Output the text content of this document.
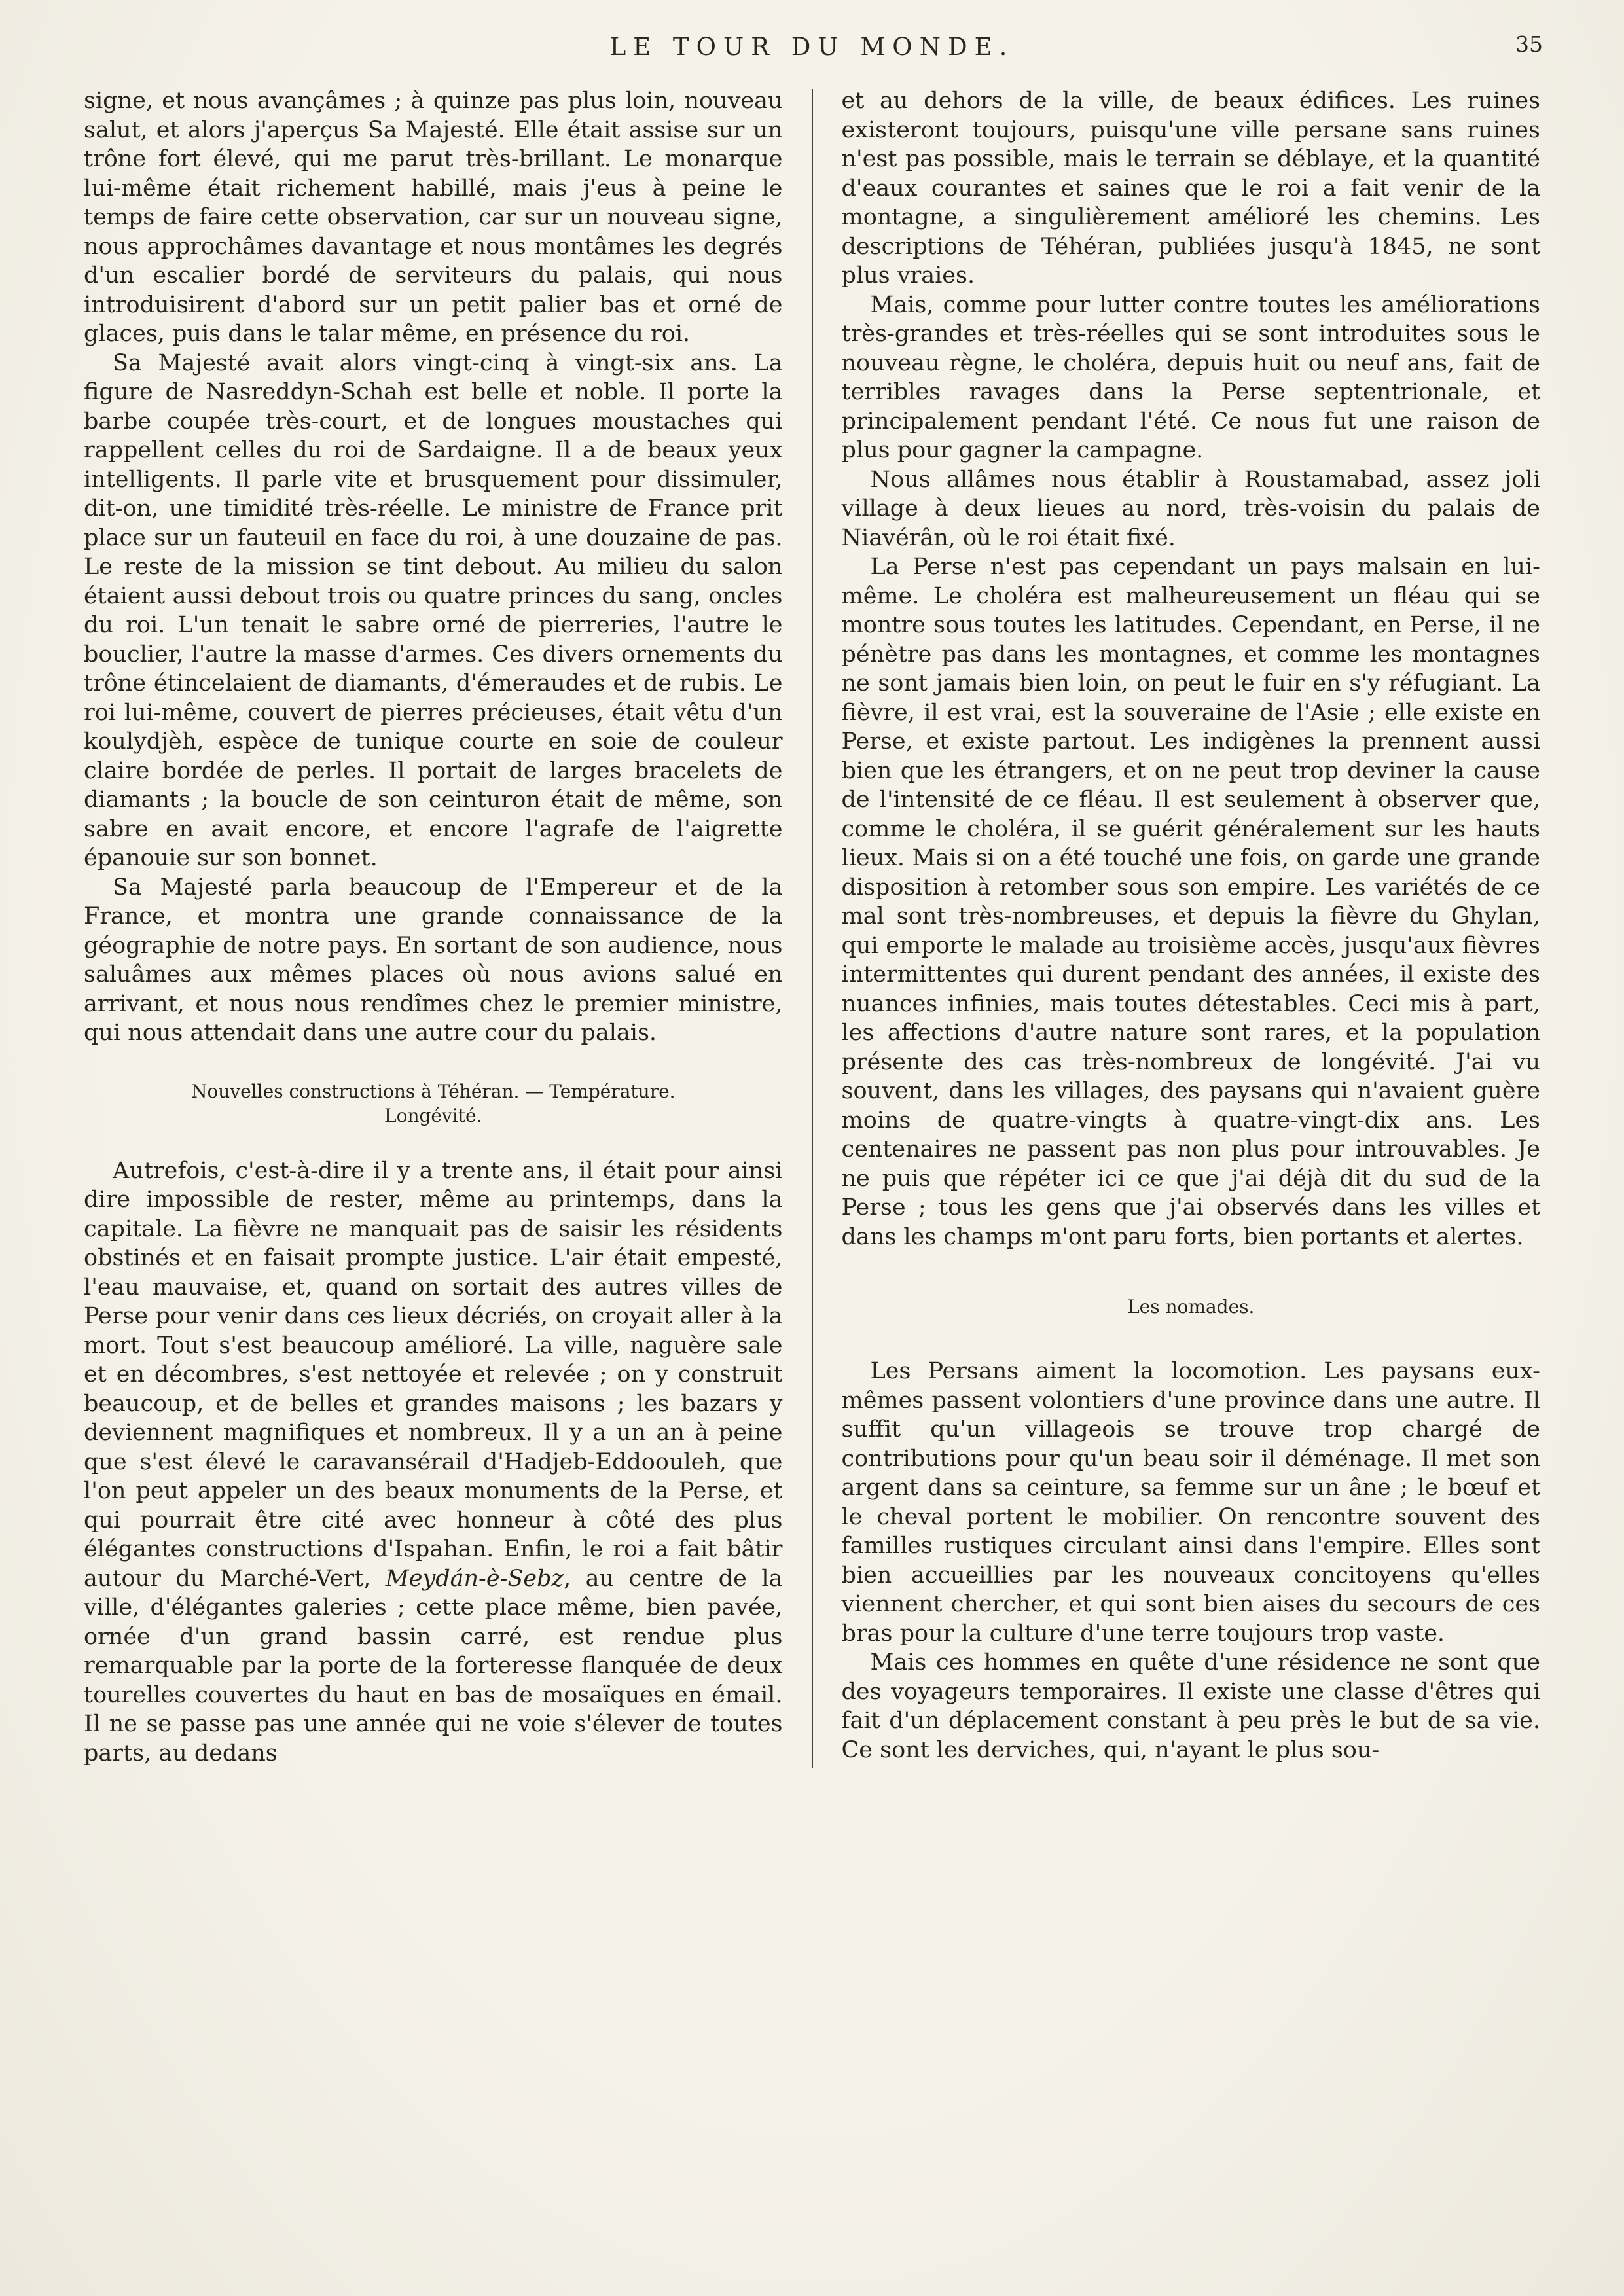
LE TOUR DU MONDE.	35

signe, et nous avançâmes ; à quinze pas plus loin, nouveau salut, et alors j'aperçus Sa Majesté. Elle était assise sur un trône fort élevé, qui me parut très-brillant. Le monarque lui-même était richement habillé, mais j'eus à peine le temps de faire cette observation, car sur un nouveau signe, nous approchâmes davantage et nous montâmes les degrés d'un escalier bordé de serviteurs du palais, qui nous introduisirent d'abord sur un petit palier bas et orné de glaces, puis dans le talar même, en présence du roi.

Sa Majesté avait alors vingt-cinq à vingt-six ans. La figure de Nasreddyn-Schah est belle et noble. Il porte la barbe coupée très-court, et de longues moustaches qui rappellent celles du roi de Sardaigne. Il a de beaux yeux intelligents. Il parle vite et brusquement pour dissimuler, dit-on, une timidité très-réelle. Le ministre de France prit place sur un fauteuil en face du roi, à une douzaine de pas. Le reste de la mission se tint debout. Au milieu du salon étaient aussi debout trois ou quatre princes du sang, oncles du roi. L'un tenait le sabre orné de pierreries, l'autre le bouclier, l'autre la masse d'armes. Ces divers ornements du trône étincelaient de diamants, d'émeraudes et de rubis. Le roi lui-même, couvert de pierres précieuses, était vêtu d'un koulydjèh, espèce de tunique courte en soie de couleur claire bordée de perles. Il portait de larges bracelets de diamants ; la boucle de son ceinturon était de même, son sabre en avait encore, et encore l'agrafe de l'aigrette épanouie sur son bonnet.

Sa Majesté parla beaucoup de l'Empereur et de la France, et montra une grande connaissance de la géographie de notre pays. En sortant de son audience, nous saluâmes aux mêmes places où nous avions salué en arrivant, et nous nous rendîmes chez le premier ministre, qui nous attendait dans une autre cour du palais.

Nouvelles constructions à Téhéran. — Température.
Longévité.

Autrefois, c'est-à-dire il y a trente ans, il était pour ainsi dire impossible de rester, même au printemps, dans la capitale. La fièvre ne manquait pas de saisir les résidents obstinés et en faisait prompte justice. L'air était empesté, l'eau mauvaise, et, quand on sortait des autres villes de Perse pour venir dans ces lieux décriés, on croyait aller à la mort. Tout s'est beaucoup amélioré. La ville, naguère sale et en décombres, s'est nettoyée et relevée ; on y construit beaucoup, et de belles et grandes maisons ; les bazars y deviennent magnifiques et nombreux. Il y a un an à peine que s'est élevé le caravansérail d'Hadjeb-Eddoouleh, que l'on peut appeler un des beaux monuments de la Perse, et qui pourrait être cité avec honneur à côté des plus élégantes constructions d'Ispahan. Enfin, le roi a fait bâtir autour du Marché-Vert, Meydán-è-Sebz, au centre de la ville, d'élégantes galeries ; cette place même, bien pavée, ornée d'un grand bassin carré, est rendue plus remarquable par la porte de la forteresse flanquée de deux tourelles couvertes du haut en bas de mosaïques en émail. Il ne se passe pas une année qui ne voie s'élever de toutes parts, au dedans

et au dehors de la ville, de beaux édifices. Les ruines existeront toujours, puisqu'une ville persane sans ruines n'est pas possible, mais le terrain se déblaye, et la quantité d'eaux courantes et saines que le roi a fait venir de la montagne, a singulièrement amélioré les chemins. Les descriptions de Téhéran, publiées jusqu'à 1845, ne sont plus vraies.

Mais, comme pour lutter contre toutes les améliorations très-grandes et très-réelles qui se sont introduites sous le nouveau règne, le choléra, depuis huit ou neuf ans, fait de terribles ravages dans la Perse septentrionale, et principalement pendant l'été. Ce nous fut une raison de plus pour gagner la campagne.

Nous allâmes nous établir à Roustamabad, assez joli village à deux lieues au nord, très-voisin du palais de Niavérân, où le roi était fixé.

La Perse n'est pas cependant un pays malsain en lui-même. Le choléra est malheureusement un fléau qui se montre sous toutes les latitudes. Cependant, en Perse, il ne pénètre pas dans les montagnes, et comme les montagnes ne sont jamais bien loin, on peut le fuir en s'y réfugiant. La fièvre, il est vrai, est la souveraine de l'Asie ; elle existe en Perse, et existe partout. Les indigènes la prennent aussi bien que les étrangers, et on ne peut trop deviner la cause de l'intensité de ce fléau. Il est seulement à observer que, comme le choléra, il se guérit généralement sur les hauts lieux. Mais si on a été touché une fois, on garde une grande disposition à retomber sous son empire. Les variétés de ce mal sont très-nombreuses, et depuis la fièvre du Ghylan, qui emporte le malade au troisième accès, jusqu'aux fièvres intermittentes qui durent pendant des années, il existe des nuances infinies, mais toutes détestables. Ceci mis à part, les affections d'autre nature sont rares, et la population présente des cas très-nombreux de longévité. J'ai vu souvent, dans les villages, des paysans qui n'avaient guère moins de quatre-vingts à quatre-vingt-dix ans. Les centenaires ne passent pas non plus pour introuvables. Je ne puis que répéter ici ce que j'ai déjà dit du sud de la Perse ; tous les gens que j'ai observés dans les villes et dans les champs m'ont paru forts, bien portants et alertes.

Les nomades.

Les Persans aiment la locomotion. Les paysans eux-mêmes passent volontiers d'une province dans une autre. Il suffit qu'un villageois se trouve trop chargé de contributions pour qu'un beau soir il déménage. Il met son argent dans sa ceinture, sa femme sur un âne ; le bœuf et le cheval portent le mobilier. On rencontre souvent des familles rustiques circulant ainsi dans l'empire. Elles sont bien accueillies par les nouveaux concitoyens qu'elles viennent chercher, et qui sont bien aises du secours de ces bras pour la culture d'une terre toujours trop vaste.

Mais ces hommes en quête d'une résidence ne sont que des voyageurs temporaires. Il existe une classe d'êtres qui fait d'un déplacement constant à peu près le but de sa vie. Ce sont les derviches, qui, n'ayant le plus sou-
